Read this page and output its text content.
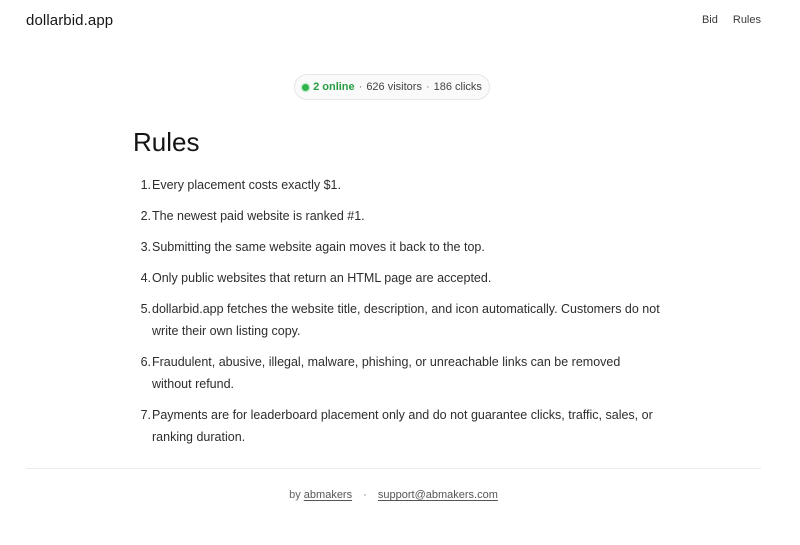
dollarbid.app	Bid Rules
2 online · 626 visitors · 186 clicks
Rules
1. Every placement costs exactly $1.
2. The newest paid website is ranked #1.
3. Submitting the same website again moves it back to the top.
4. Only public websites that return an HTML page are accepted.
5. dollarbid.app fetches the website title, description, and icon automatically. Customers do not write their own listing copy.
6. Fraudulent, abusive, illegal, malware, phishing, or unreachable links can be removed without refund.
7. Payments are for leaderboard placement only and do not guarantee clicks, traffic, sales, or ranking duration.
by abmakers · support@abmakers.com
